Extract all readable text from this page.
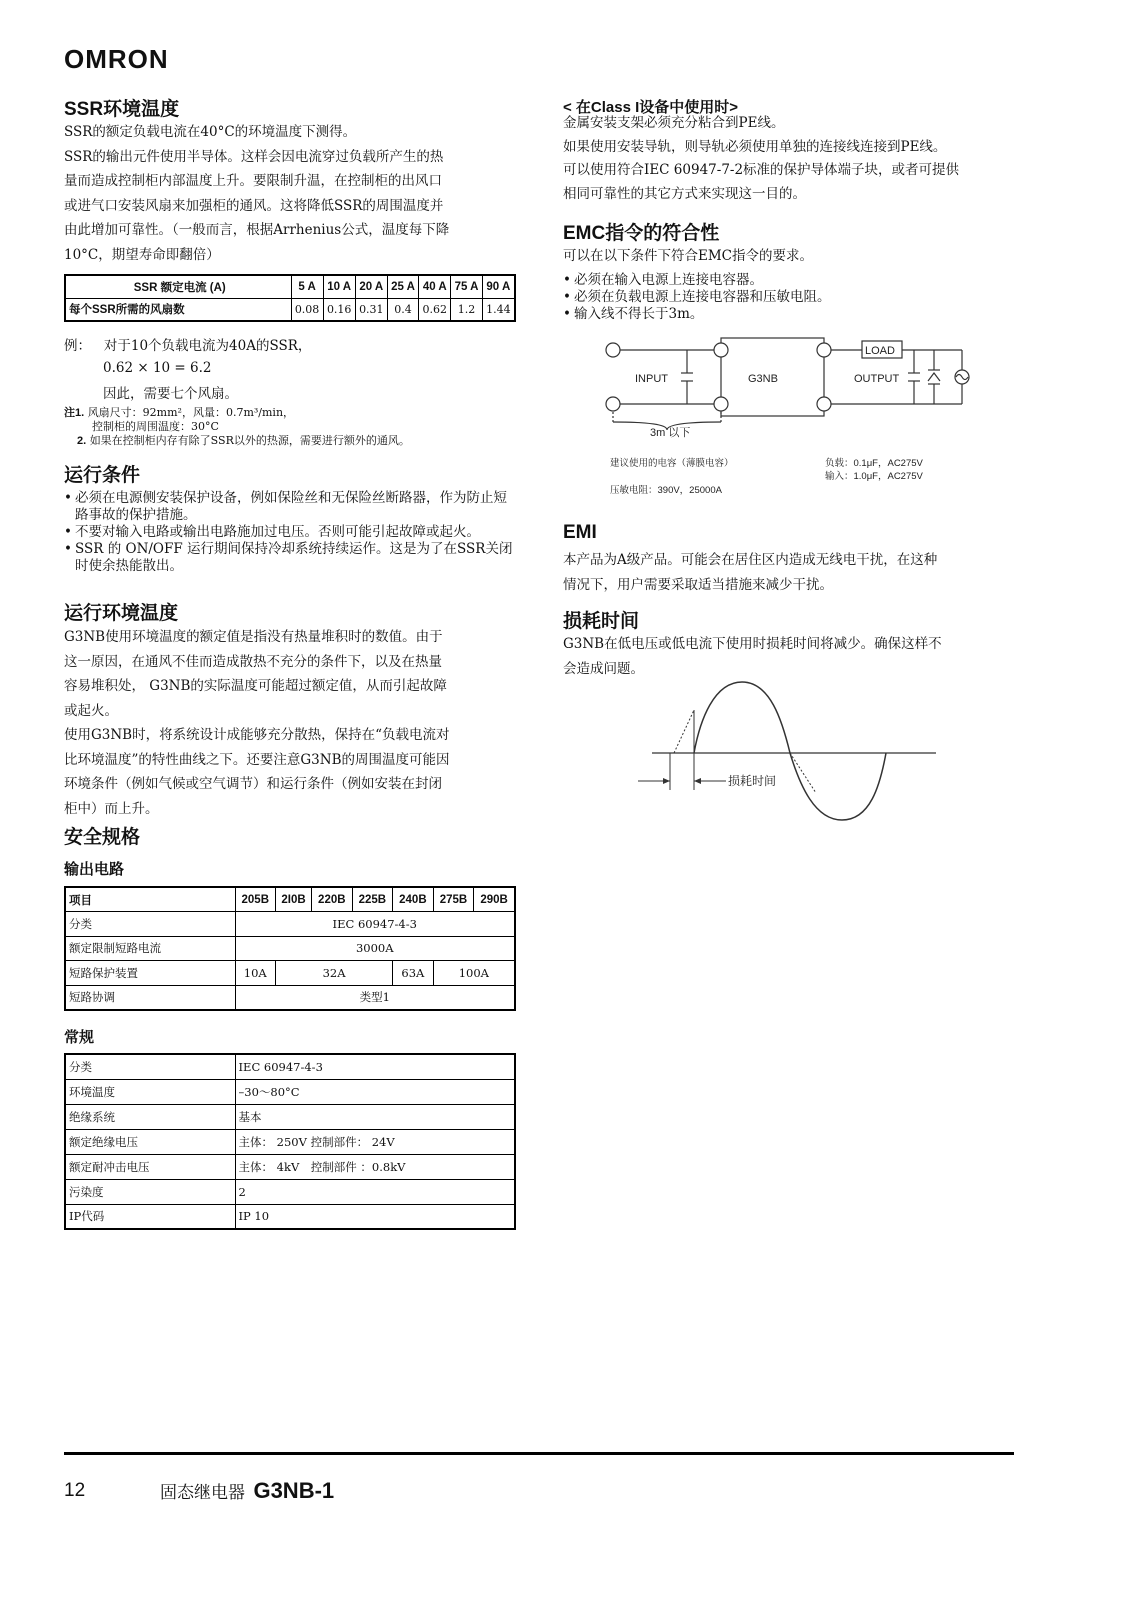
OMRON
SSR环境温度
SSR的额定负载电流在40°C的环境温度下测得。
SSR的输出元件使用半导体。这样会因电流穿过负载所产生的热
量而造成控制柜内部温度上升。要限制升温，在控制柜的出风口
或进气口安装风扇来加强柜的通风。这将降低SSR的周围温度并
由此增加可靠性。（一般而言，根据Arrhenius公式，温度每下降
10°C，期望寿命即翻倍）
SSR 额定电流 (A)	5 A	10 A	20 A	25 A	40 A	75 A	90 A
每个SSR所需的风扇数	0.08	0.16	0.31	0.4	0.62	1.2	1.44
例： 对于10个负载电流为40A的SSR，
0.62 × 10 = 6.2
因此，需要七个风扇。
注1. 风扇尺寸：92mm²，风量：0.7m³/min，
控制柜的周围温度：30°C
2. 如果在控制柜内存有除了SSR以外的热源，需要进行额外的通风。
运行条件
• 必须在电源侧安装保护设备，例如保险丝和无保险丝断路器，作为防止短路事故的保护措施。
• 不要对输入电路或输出电路施加过电压。否则可能引起故障或起火。
• SSR 的 ON/OFF 运行期间保持冷却系统持续运作。这是为了在SSR关闭时使余热能散出。
运行环境温度
G3NB使用环境温度的额定值是指没有热量堆积时的数值。由于
这一原因，在通风不佳而造成散热不充分的条件下，以及在热量
容易堆积处， G3NB的实际温度可能超过额定值，从而引起故障
或起火。
使用G3NB时，将系统设计成能够充分散热，保持在“负载电流对
比环境温度”的特性曲线之下。还要注意G3NB的周围温度可能因
环境条件（例如气候或空气调节）和运行条件（例如安装在封闭
柜中）而上升。
安全规格
输出电路
项目	205B	2I0B	220B	225B	240B	275B	290B
分类	IEC 60947-4-3						
额定限制短路电流	3000A						
短路保护装置	10A	32A			63A	100A	
短路协调	类型1						
常规
分类	IEC 60947-4-3
环境温度	–30～80°C
绝缘系统	基本
额定绝缘电压	主体： 250V 控制部件： 24V
额定耐冲击电压	主体： 4kV　控制部件 ：0.8kV
污染度	2
IP代码	IP 10
< 在Class I设备中使用时>
金属安装支架必须充分粘合到PE线。
如果使用安装导轨，则导轨必须使用单独的连接线连接到PE线。
可以使用符合IEC 60947-7-2标准的保护导体端子块，或者可提供
相同可靠性的其它方式来实现这一目的。
EMC指令的符合性
可以在以下条件下符合EMC指令的要求。
• 必须在输入电源上连接电容器。
• 必须在负载电源上连接电容器和压敏电阻。
• 输入线不得长于3m。
INPUT	G3NB	OUTPUT
LOAD
3m 以下
建议使用的电容（薄膜电容）
压敏电阻：390V，25000A
负载：0.1μF，AC275V
输入：1.0μF，AC275V
EMI
本产品为A级产品。可能会在居住区内造成无线电干扰，在这种
情况下，用户需要采取适当措施来减少干扰。
损耗时间
G3NB在低电压或低电流下使用时损耗时间将减少。确保这样不
会造成问题。
损耗时间
12	固态继电器 G3NB-1
